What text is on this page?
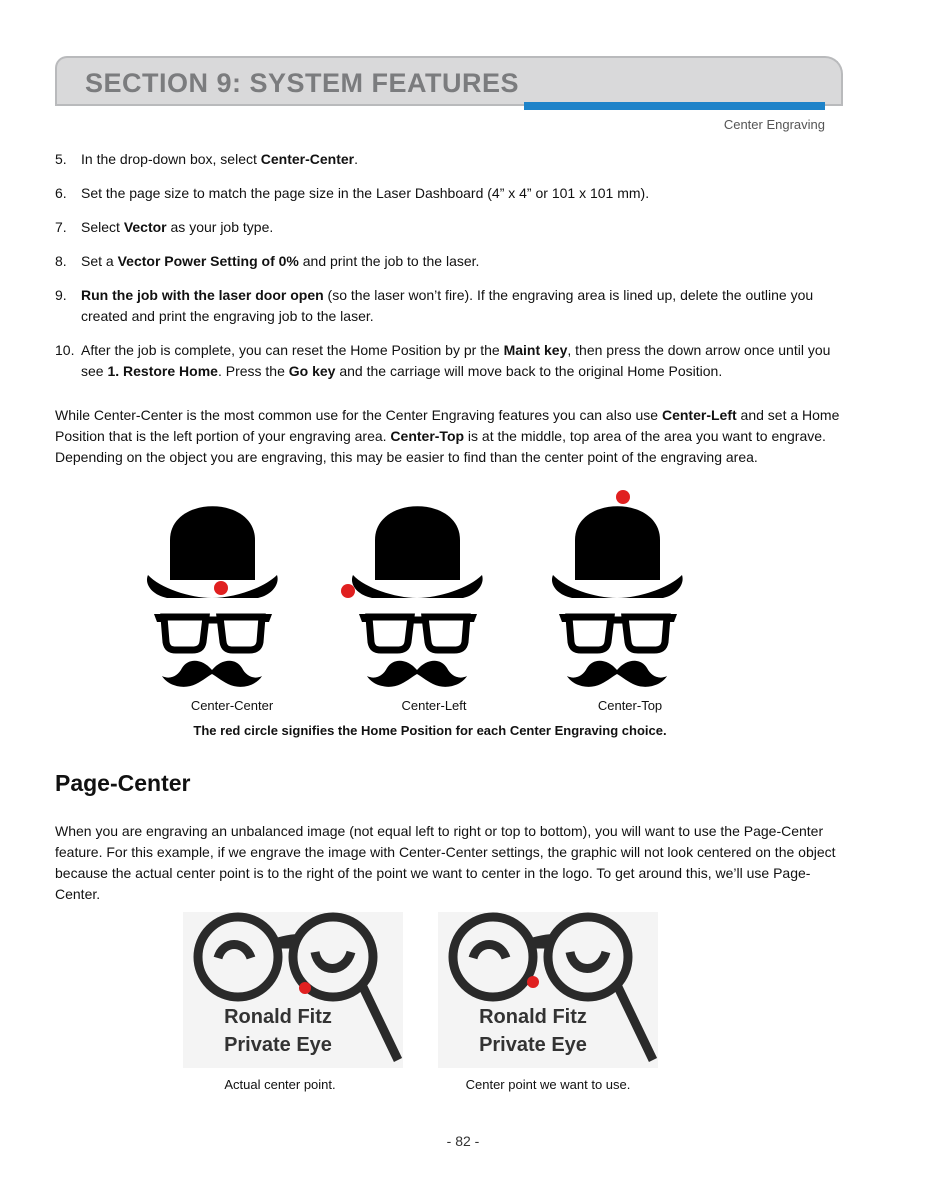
SECTION 9: SYSTEM FEATURES
Center Engraving
5. In the drop-down box, select Center-Center.
6. Set the page size to match the page size in the Laser Dashboard (4” x 4” or 101 x 101 mm).
7. Select Vector as your job type.
8. Set a Vector Power Setting of 0% and print the job to the laser.
9. Run the job with the laser door open (so the laser won’t fire). If the engraving area is lined up, delete the outline you created and print the engraving job to the laser.
10. After the job is complete, you can reset the Home Position by pr the Maint key, then press the down arrow once until you see 1. Restore Home. Press the Go key and the carriage will move back to the original Home Position.
While Center-Center is the most common use for the Center Engraving features you can also use Center-Left and set a Home Position that is the left portion of your engraving area. Center-Top is at the middle, top area of the area you want to engrave. Depending on the object you are engraving, this may be easier to find than the center point of the engraving area.
Center-Center	Center-Left	Center-Top
The red circle signifies the Home Position for each Center Engraving choice.
Page-Center
When you are engraving an unbalanced image (not equal left to right or top to bottom), you will want to use the Page-Center feature. For this example, if we engrave the image with Center-Center settings, the graphic will not look centered on the object because the actual center point is to the right of the point we want to center in the logo. To get around this, we’ll use Page-Center.
Ronald Fitz
Private Eye
Ronald Fitz
Private Eye
Actual center point.	Center point we want to use.
- 82 -
